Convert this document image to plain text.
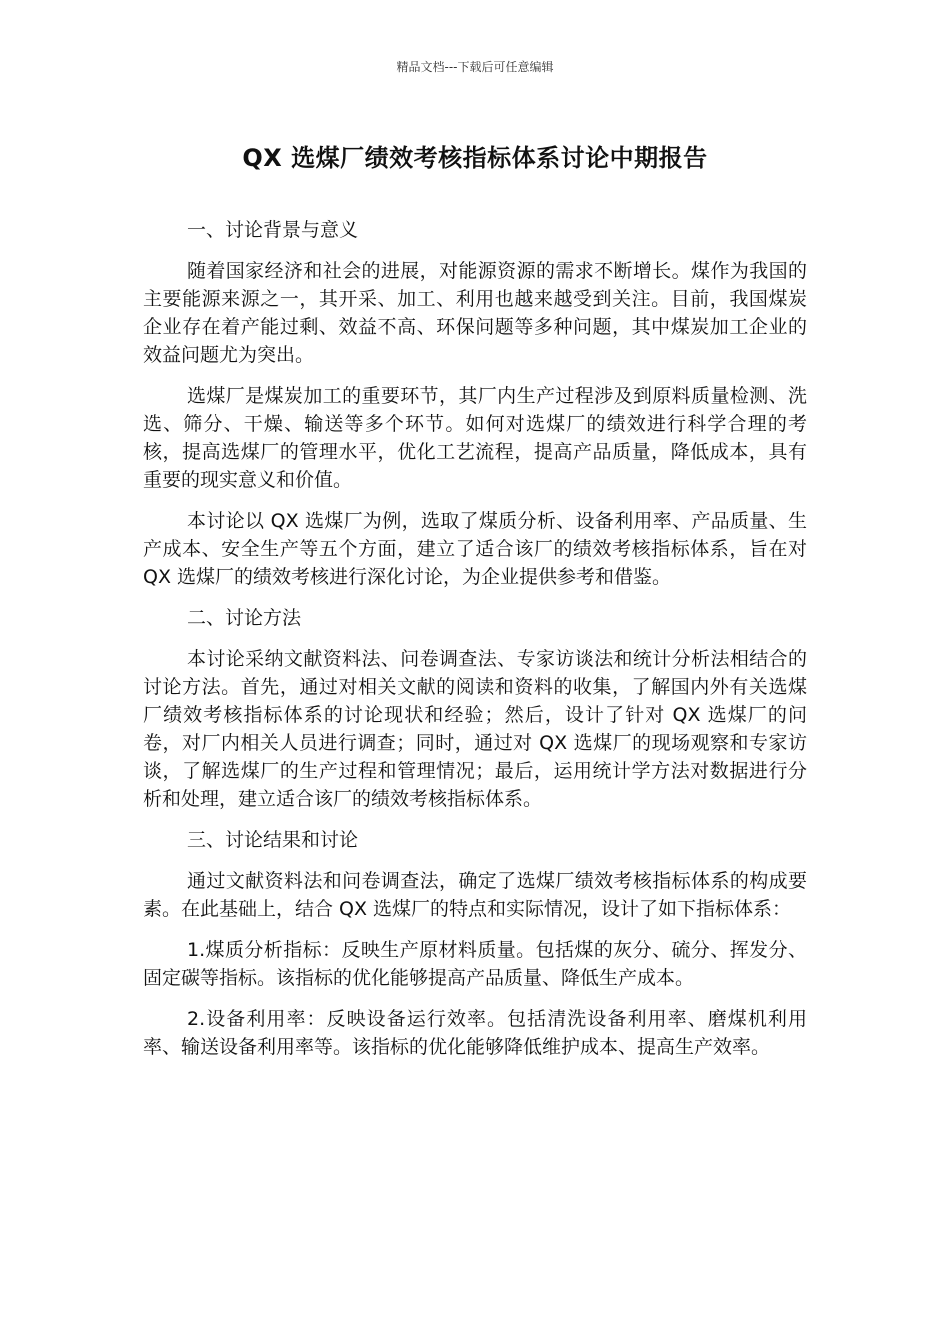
精品文档---下载后可任意编辑
QX 选煤厂绩效考核指标体系讨论中期报告

一、讨论背景与意义

随着国家经济和社会的进展，对能源资源的需求不断增长。煤作为我国的主要能源来源之一，其开采、加工、利用也越来越受到关注。目前，我国煤炭企业存在着产能过剩、效益不高、环保问题等多种问题，其中煤炭加工企业的效益问题尤为突出。

选煤厂是煤炭加工的重要环节，其厂内生产过程涉及到原料质量检测、洗选、筛分、干燥、输送等多个环节。如何对选煤厂的绩效进行科学合理的考核，提高选煤厂的管理水平，优化工艺流程，提高产品质量，降低成本，具有重要的现实意义和价值。

本讨论以 QX 选煤厂为例，选取了煤质分析、设备利用率、产品质量、生产成本、安全生产等五个方面，建立了适合该厂的绩效考核指标体系，旨在对 QX 选煤厂的绩效考核进行深化讨论，为企业提供参考和借鉴。

二、讨论方法

本讨论采纳文献资料法、问卷调查法、专家访谈法和统计分析法相结合的讨论方法。首先，通过对相关文献的阅读和资料的收集，了解国内外有关选煤厂绩效考核指标体系的讨论现状和经验；然后，设计了针对 QX 选煤厂的问卷，对厂内相关人员进行调查；同时，通过对 QX 选煤厂的现场观察和专家访谈，了解选煤厂的生产过程和管理情况；最后，运用统计学方法对数据进行分析和处理，建立适合该厂的绩效考核指标体系。

三、讨论结果和讨论

通过文献资料法和问卷调查法，确定了选煤厂绩效考核指标体系的构成要素。在此基础上，结合 QX 选煤厂的特点和实际情况，设计了如下指标体系：

1.煤质分析指标：反映生产原材料质量。包括煤的灰分、硫分、挥发分、固定碳等指标。该指标的优化能够提高产品质量、降低生产成本。

2.设备利用率：反映设备运行效率。包括清洗设备利用率、磨煤机利用率、输送设备利用率等。该指标的优化能够降低维护成本、提高生产效率。
